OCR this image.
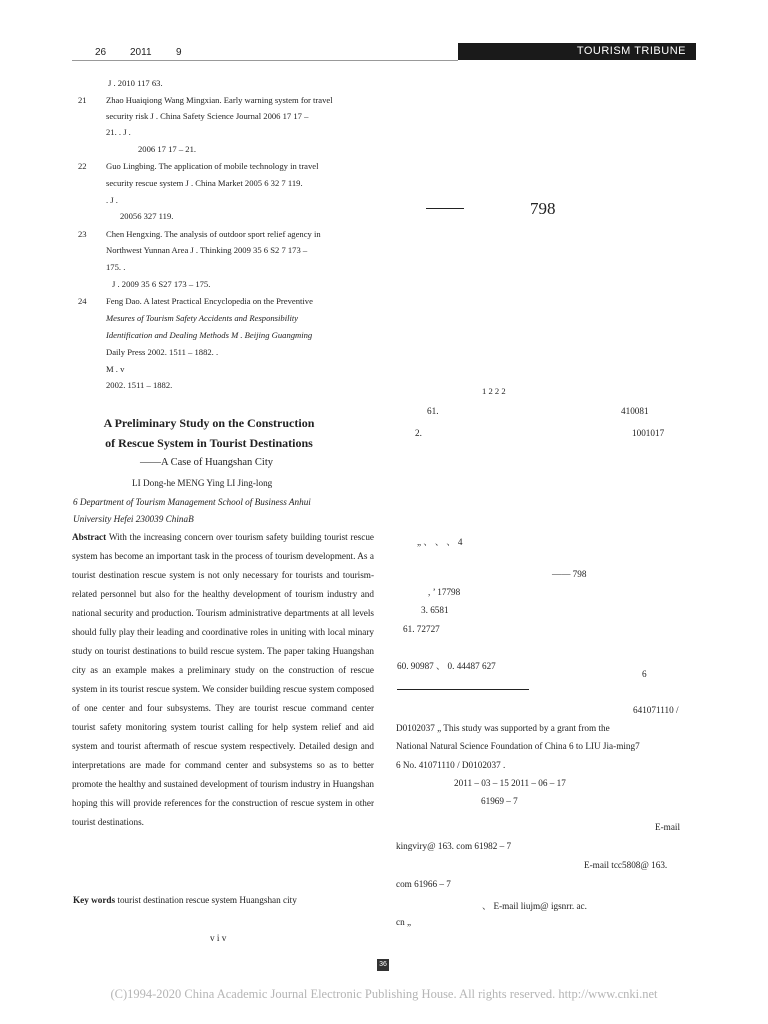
26 2011 9	TOURISM TRIBUNE
J . 2010 117 63.
21 Zhao Huaiqiong Wang Mingxian. Early warning system for travel
security risk J . China Safety Science Journal 2006 17 17 –
21. . J .
2006 17 17 – 21.
22 Guo Lingbing. The application of mobile technology in travel
security rescue system J . China Market 2005 6 32 7 119.
. J .
20056 327 119.
23 Chen Hengxing. The analysis of outdoor sport relief agency in
Northwest Yunnan Area J . Thinking 2009 35 6 S2 7 173 –
175. .
J . 2009 35 6 S27 173 – 175.
24 Feng Dao. A latest Practical Encyclopedia on the Preventive
Mesures of Tourism Safety Accidents and Responsibility
Identification and Dealing Methods M . Beijing Guangming
Daily Press 2002. 1511 – 1882. .
M . v
2002. 1511 – 1882.
A Preliminary Study on the Construction
of Rescue System in Tourist Destinations
——A Case of Huangshan City
LI Dong-he MENG Ying LI Jing-long
6 Department of Tourism Management School of Business Anhui
University Hefei 230039 ChinaB
Abstract With the increasing concern over tourism safety building tourist rescue system has become an important task in the process of tourism development. As a tourist destination rescue system is not only necessary for tourists and tourism-related personnel but also for the healthy development of tourism industry and national security and production. Tourism administrative departments at all levels should fully play their leading and coordinative roles in uniting with local minary study on tourist destinations to build rescue system. The paper taking Huangshan city as an example makes a preliminary study on the construction of rescue system in its tourist rescue system. We consider building rescue system composed of one center and four subsystems. They are tourist rescue command center tourist safety monitoring system tourist calling for help system relief and aid system and tourist aftermath of rescue system respectively. Detailed design and interpretations are made for command center and subsystems so as to better promote the healthy and sustained development of tourism industry in Huangshan hoping this will provide references for the construction of rescue system in other tourist destinations.
Key words tourist destination rescue system Huangshan city
v i v
798
1 2 2 2
61.	410081
2.	1001017
„ 、 、 、 4
—— 798
, ’ 17798
3. 6581
61. 72727
60. 90987 、 0. 44487 627
6
641071110 /
D0102037 „ This study was supported by a grant from the
National Natural Science Foundation of China 6 to LIU Jia-ming7
6 No. 41071110 / D0102037 .
2011 – 03 – 15 2011 – 06 – 17
61969 – 7
E-mail
kingviry@ 163. com 61982 – 7
E-mail tcc5808@ 163.
com 61966 – 7
、 E-mail liujm@ igsnrr. ac.
cn „
36
(C)1994-2020 China Academic Journal Electronic Publishing House. All rights reserved. http://www.cnki.net
